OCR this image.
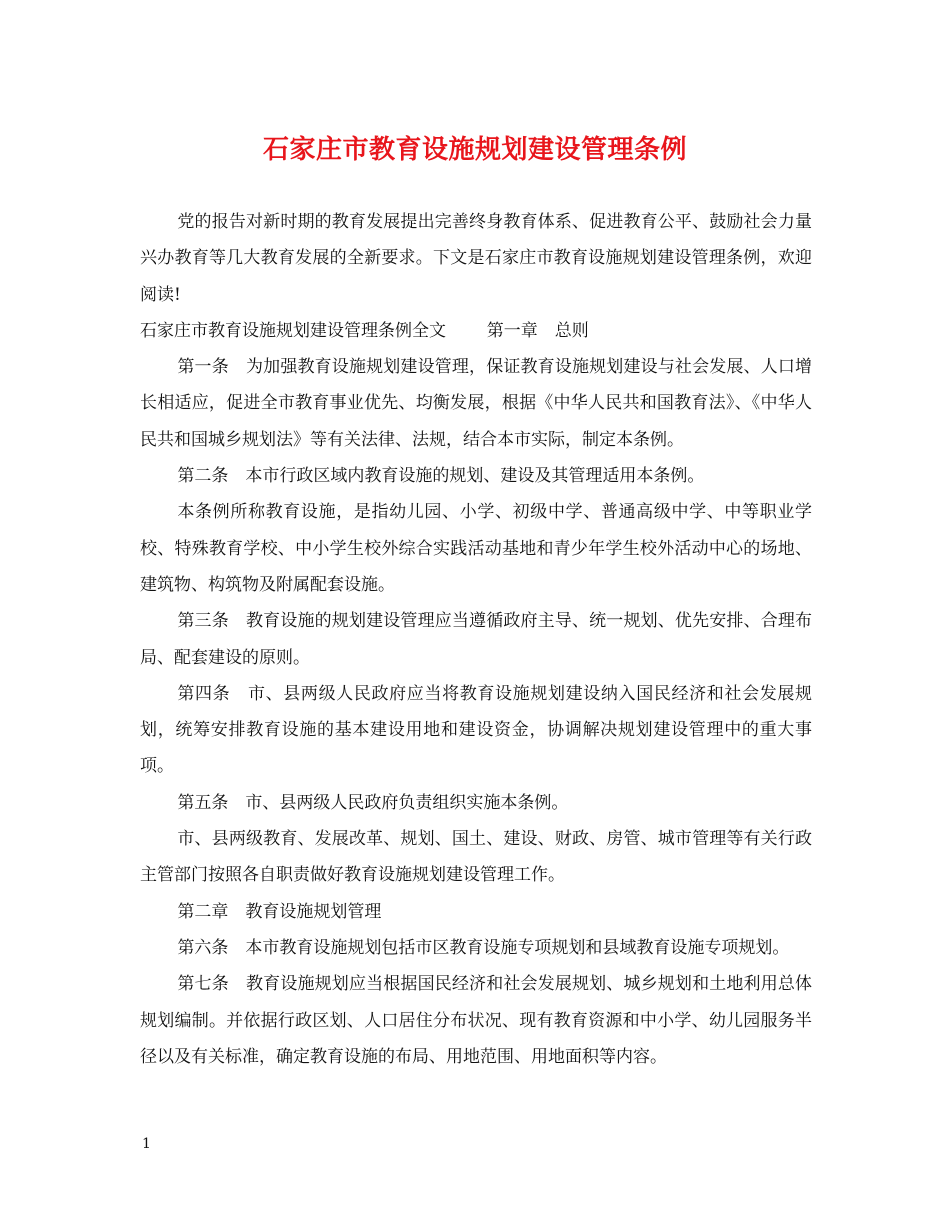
石家庄市教育设施规划建设管理条例

党的报告对新时期的教育发展提出完善终身教育体系、促进教育公平、鼓励社会力量兴办教育等几大教育发展的全新要求。下文是石家庄市教育设施规划建设管理条例，欢迎阅读!

石家庄市教育设施规划建设管理条例全文 第一章 总则

第一条 为加强教育设施规划建设管理，保证教育设施规划建设与社会发展、人口增长相适应，促进全市教育事业优先、均衡发展，根据《中华人民共和国教育法》、《中华人民共和国城乡规划法》等有关法律、法规，结合本市实际，制定本条例。

第二条 本市行政区域内教育设施的规划、建设及其管理适用本条例。

本条例所称教育设施，是指幼儿园、小学、初级中学、普通高级中学、中等职业学校、特殊教育学校、中小学生校外综合实践活动基地和青少年学生校外活动中心的场地、建筑物、构筑物及附属配套设施。

第三条 教育设施的规划建设管理应当遵循政府主导、统一规划、优先安排、合理布局、配套建设的原则。

第四条 市、县两级人民政府应当将教育设施规划建设纳入国民经济和社会发展规划，统筹安排教育设施的基本建设用地和建设资金，协调解决规划建设管理中的重大事项。

第五条 市、县两级人民政府负责组织实施本条例。

市、县两级教育、发展改革、规划、国土、建设、财政、房管、城市管理等有关行政主管部门按照各自职责做好教育设施规划建设管理工作。

第二章 教育设施规划管理

第六条 本市教育设施规划包括市区教育设施专项规划和县域教育设施专项规划。

第七条 教育设施规划应当根据国民经济和社会发展规划、城乡规划和土地利用总体规划编制。并依据行政区划、人口居住分布状况、现有教育资源和中小学、幼儿园服务半径以及有关标准，确定教育设施的布局、用地范围、用地面积等内容。

1
